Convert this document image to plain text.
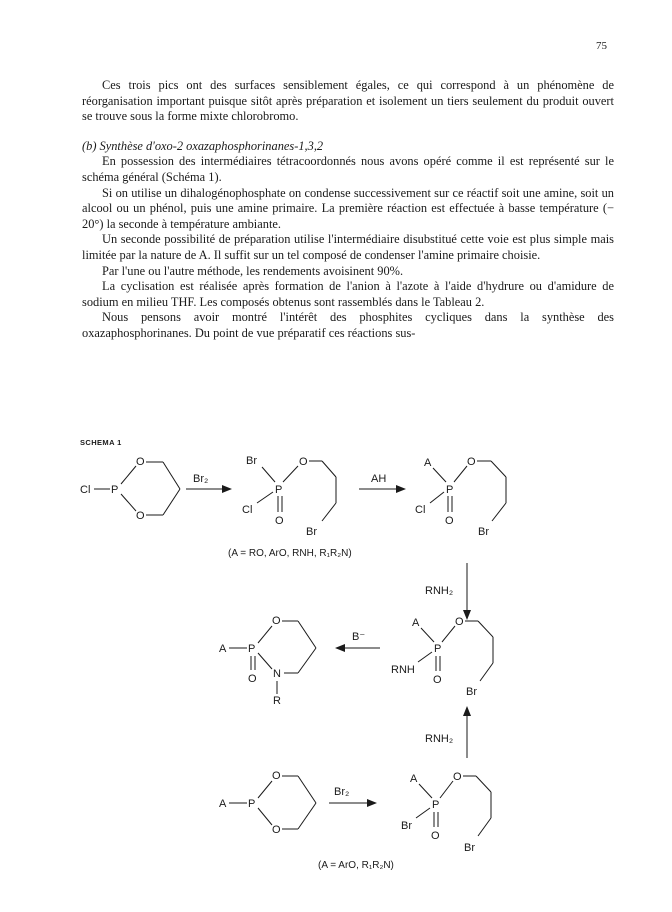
75

Ces trois pics ont des surfaces sensiblement égales, ce qui correspond à un phénomène de réorganisation important puisque sitôt après préparation et isolement un tiers seulement du produit ouvert se trouve sous la forme mixte chlorobromo.

(b) Synthèse d'oxo-2 oxazaphosphorinanes-1,3,2

En possession des intermédiaires tétracoordonnés nous avons opéré comme il est représenté sur le schéma général (Schéma 1).

Si on utilise un dihalogénophosphate on condense successivement sur ce réactif soit une amine, soit un alcool ou un phénol, puis une amine primaire. La première réaction est effectuée à basse température (− 20°) la seconde à température ambiante.

Un seconde possibilité de préparation utilise l'intermédiaire disubstitué cette voie est plus simple mais limitée par la nature de A. Il suffit sur un tel composé de condenser l'amine primaire choisie.

Par l'une ou l'autre méthode, les rendements avoisinent 90%.

La cyclisation est réalisée après formation de l'anion à l'azote à l'aide d'hydrure ou d'amidure de sodium en milieu THF. Les composés obtenus sont rassemblés dans le Tableau 2.

Nous pensons avoir montré l'intérêt des phosphites cycliques dans la synthèse des oxazaphosphorinanes. Du point de vue préparatif ces réactions sus-

SCHEMA 1
Cl P
O
O
Br₂
Br
P
O
Br
Cl
O
AH
A
P
O
Br
Cl
O
(A = RO, ArO, RNH, R₁R₂N)
RNH₂
A P
O
N
O
R
B⁻
A
P
O
Br
RNH
O
RNH₂
A P
O
O
Br₂
A
P
O
Br
Br
O
(A = ArO, R₁R₂N)
